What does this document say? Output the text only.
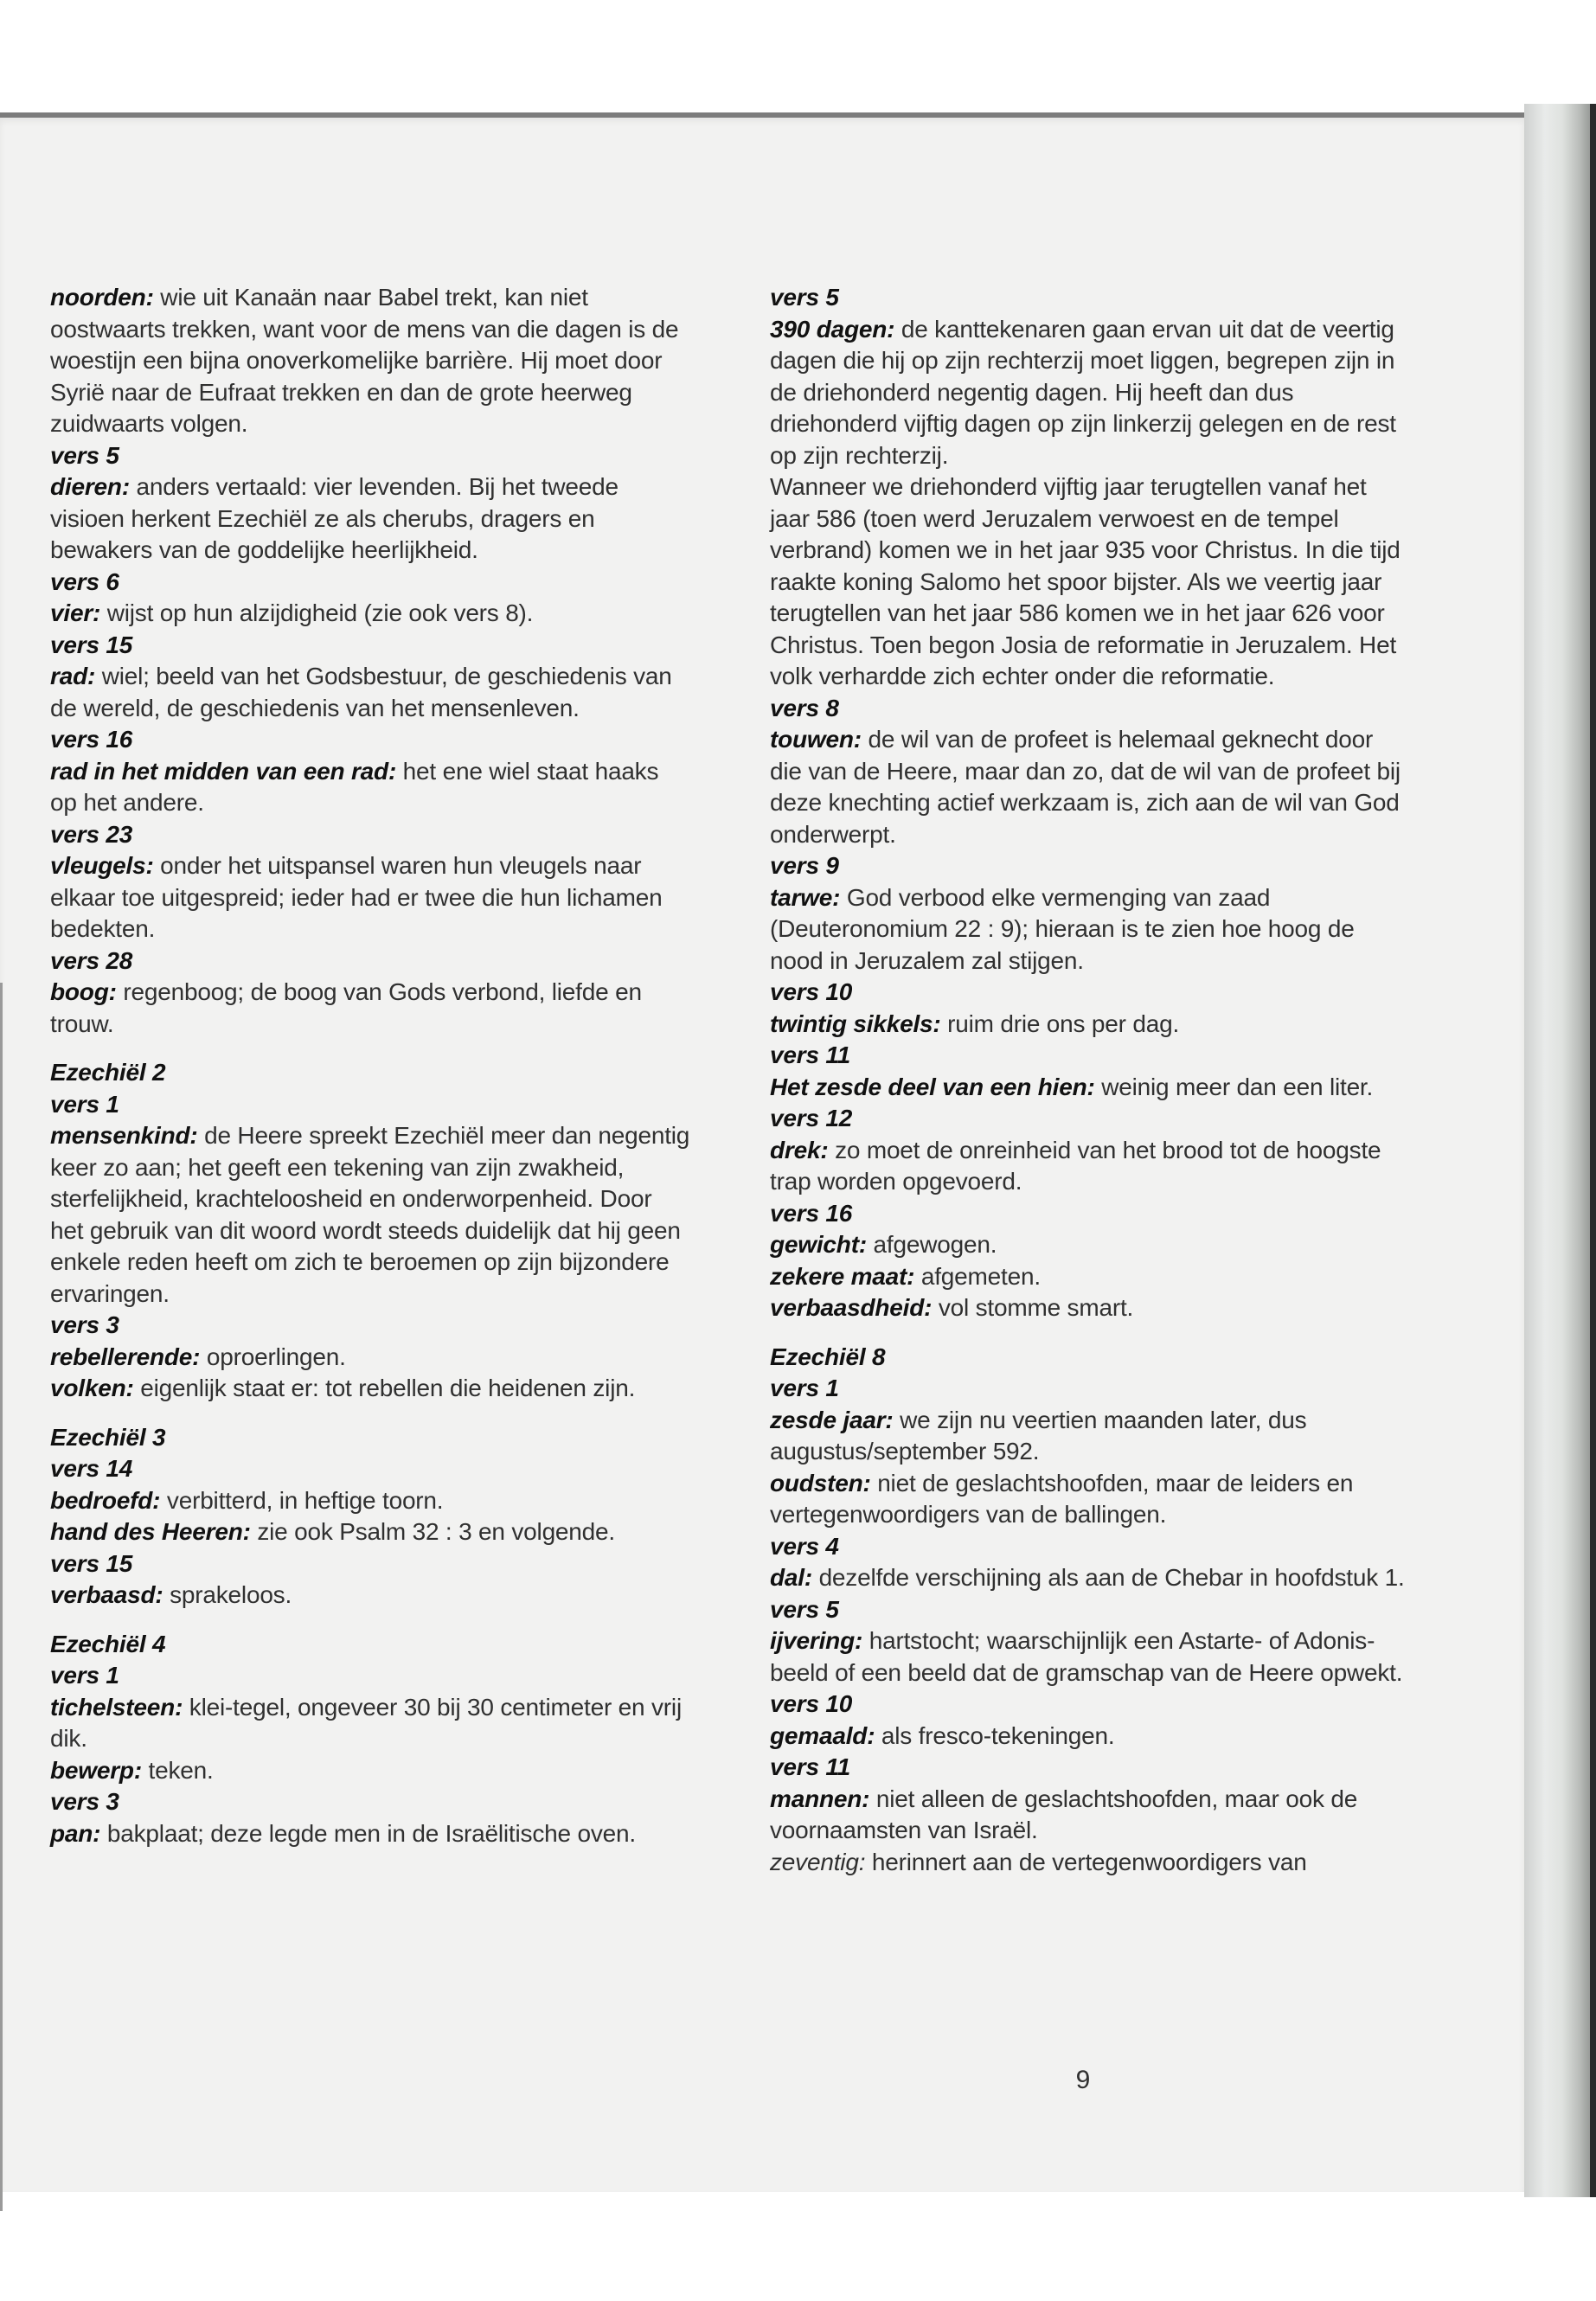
noorden: wie uit Kanaän naar Babel trekt, kan niet oostwaarts trekken, want voor de mens van die dagen is de woestijn een bijna onoverkomelijke barrière. Hij moet door Syrië naar de Eufraat trekken en dan de grote heerweg zuidwaarts volgen.

vers 5

dieren: anders vertaald: vier levenden. Bij het tweede visioen herkent Ezechiël ze als cherubs, dragers en bewakers van de goddelijke heerlijkheid.

vers 6

vier: wijst op hun alzijdigheid (zie ook vers 8).

vers 15

rad: wiel; beeld van het Godsbestuur, de geschiedenis van de wereld, de geschiedenis van het mensenleven.

vers 16

rad in het midden van een rad: het ene wiel staat haaks op het andere.

vers 23

vleugels: onder het uitspansel waren hun vleugels naar elkaar toe uitgespreid; ieder had er twee die hun lichamen bedekten.

vers 28

boog: regenboog; de boog van Gods verbond, liefde en trouw.

Ezechiël 2

vers 1

mensenkind: de Heere spreekt Ezechiël meer dan negentig keer zo aan; het geeft een tekening van zijn zwakheid, sterfelijkheid, krachteloosheid en onderworpenheid. Door het gebruik van dit woord wordt steeds duidelijk dat hij geen enkele reden heeft om zich te beroemen op zijn bijzondere ervaringen.

vers 3

rebellerende: oproerlingen.

volken: eigenlijk staat er: tot rebellen die heidenen zijn.

Ezechiël 3

vers 14

bedroefd: verbitterd, in heftige toorn.

hand des Heeren: zie ook Psalm 32 : 3 en volgende.

vers 15

verbaasd: sprakeloos.

Ezechiël 4

vers 1

tichelsteen: klei-tegel, ongeveer 30 bij 30 centimeter en vrij dik.

bewerp: teken.

vers 3

pan: bakplaat; deze legde men in de Israëlitische oven.

vers 5

390 dagen: de kanttekenaren gaan ervan uit dat de veertig dagen die hij op zijn rechterzij moet liggen, begrepen zijn in de driehonderd negentig dagen. Hij heeft dan dus driehonderd vijftig dagen op zijn linkerzij gelegen en de rest op zijn rechterzij.

Wanneer we driehonderd vijftig jaar terugtellen vanaf het jaar 586 (toen werd Jeruzalem verwoest en de tempel verbrand) komen we in het jaar 935 voor Christus. In die tijd raakte koning Salomo het spoor bijster. Als we veertig jaar terugtellen van het jaar 586 komen we in het jaar 626 voor Christus. Toen begon Josia de reformatie in Jeruzalem. Het volk verhardde zich echter onder die reformatie.

vers 8

touwen: de wil van de profeet is helemaal geknecht door die van de Heere, maar dan zo, dat de wil van de profeet bij deze knechting actief werkzaam is, zich aan de wil van God onderwerpt.

vers 9

tarwe: God verbood elke vermenging van zaad (Deuteronomium 22 : 9); hieraan is te zien hoe hoog de nood in Jeruzalem zal stijgen.

vers 10

twintig sikkels: ruim drie ons per dag.

vers 11

Het zesde deel van een hien: weinig meer dan een liter.

vers 12

drek: zo moet de onreinheid van het brood tot de hoogste trap worden opgevoerd.

vers 16

gewicht: afgewogen.

zekere maat: afgemeten.

verbaasdheid: vol stomme smart.

Ezechiël 8

vers 1

zesde jaar: we zijn nu veertien maanden later, dus augustus/september 592.

oudsten: niet de geslachtshoofden, maar de leiders en vertegenwoordigers van de ballingen.

vers 4

dal: dezelfde verschijning als aan de Chebar in hoofdstuk 1.

vers 5

ijvering: hartstocht; waarschijnlijk een Astarte- of Adonis-beeld of een beeld dat de gramschap van de Heere opwekt.

vers 10

gemaald: als fresco-tekeningen.

vers 11

mannen: niet alleen de geslachtshoofden, maar ook de voornaamsten van Israël.

zeventig: herinnert aan de vertegenwoordigers van

9
